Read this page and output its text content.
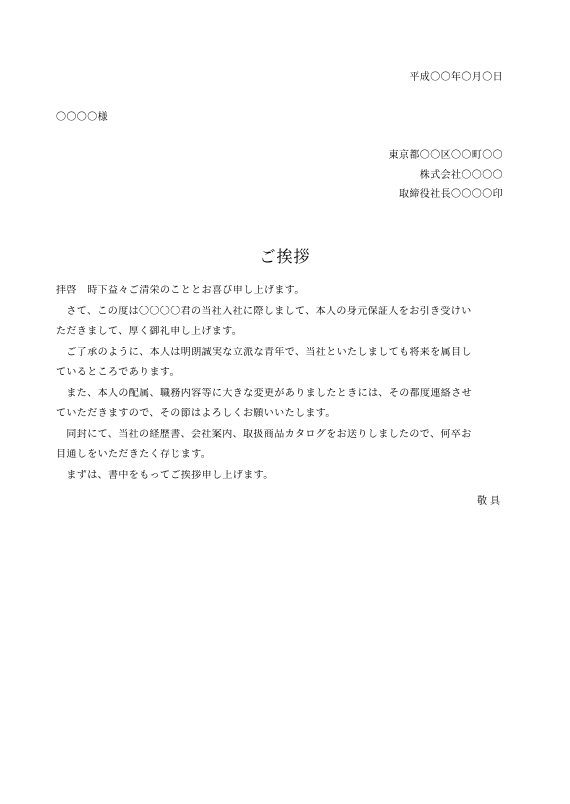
平成〇〇年〇月〇日
〇〇〇〇様
東京都〇〇区〇〇町〇〇
株式会社〇〇〇〇
取締役社長〇〇〇〇印
ご挨拶
拝啓　時下益々ご清栄のこととお喜び申し上げます。
　さて、この度は〇〇〇〇君の当社入社に際しまして、本人の身元保証人をお引き受けい
ただきまして、厚く御礼申し上げます。
　ご了承のように、本人は明朗誠実な立派な青年で、当社といたしましても将来を属目し
ているところであります。
　また、本人の配属、職務内容等に大きな変更がありましたときには、その都度連絡させ
ていただきますので、その節はよろしくお願いいたします。
　同封にて、当社の経歴書、会社案内、取扱商品カタログをお送りしましたので、何卒お
目通しをいただきたく存じます。
　まずは、書中をもってご挨拶申し上げます。
敬具
